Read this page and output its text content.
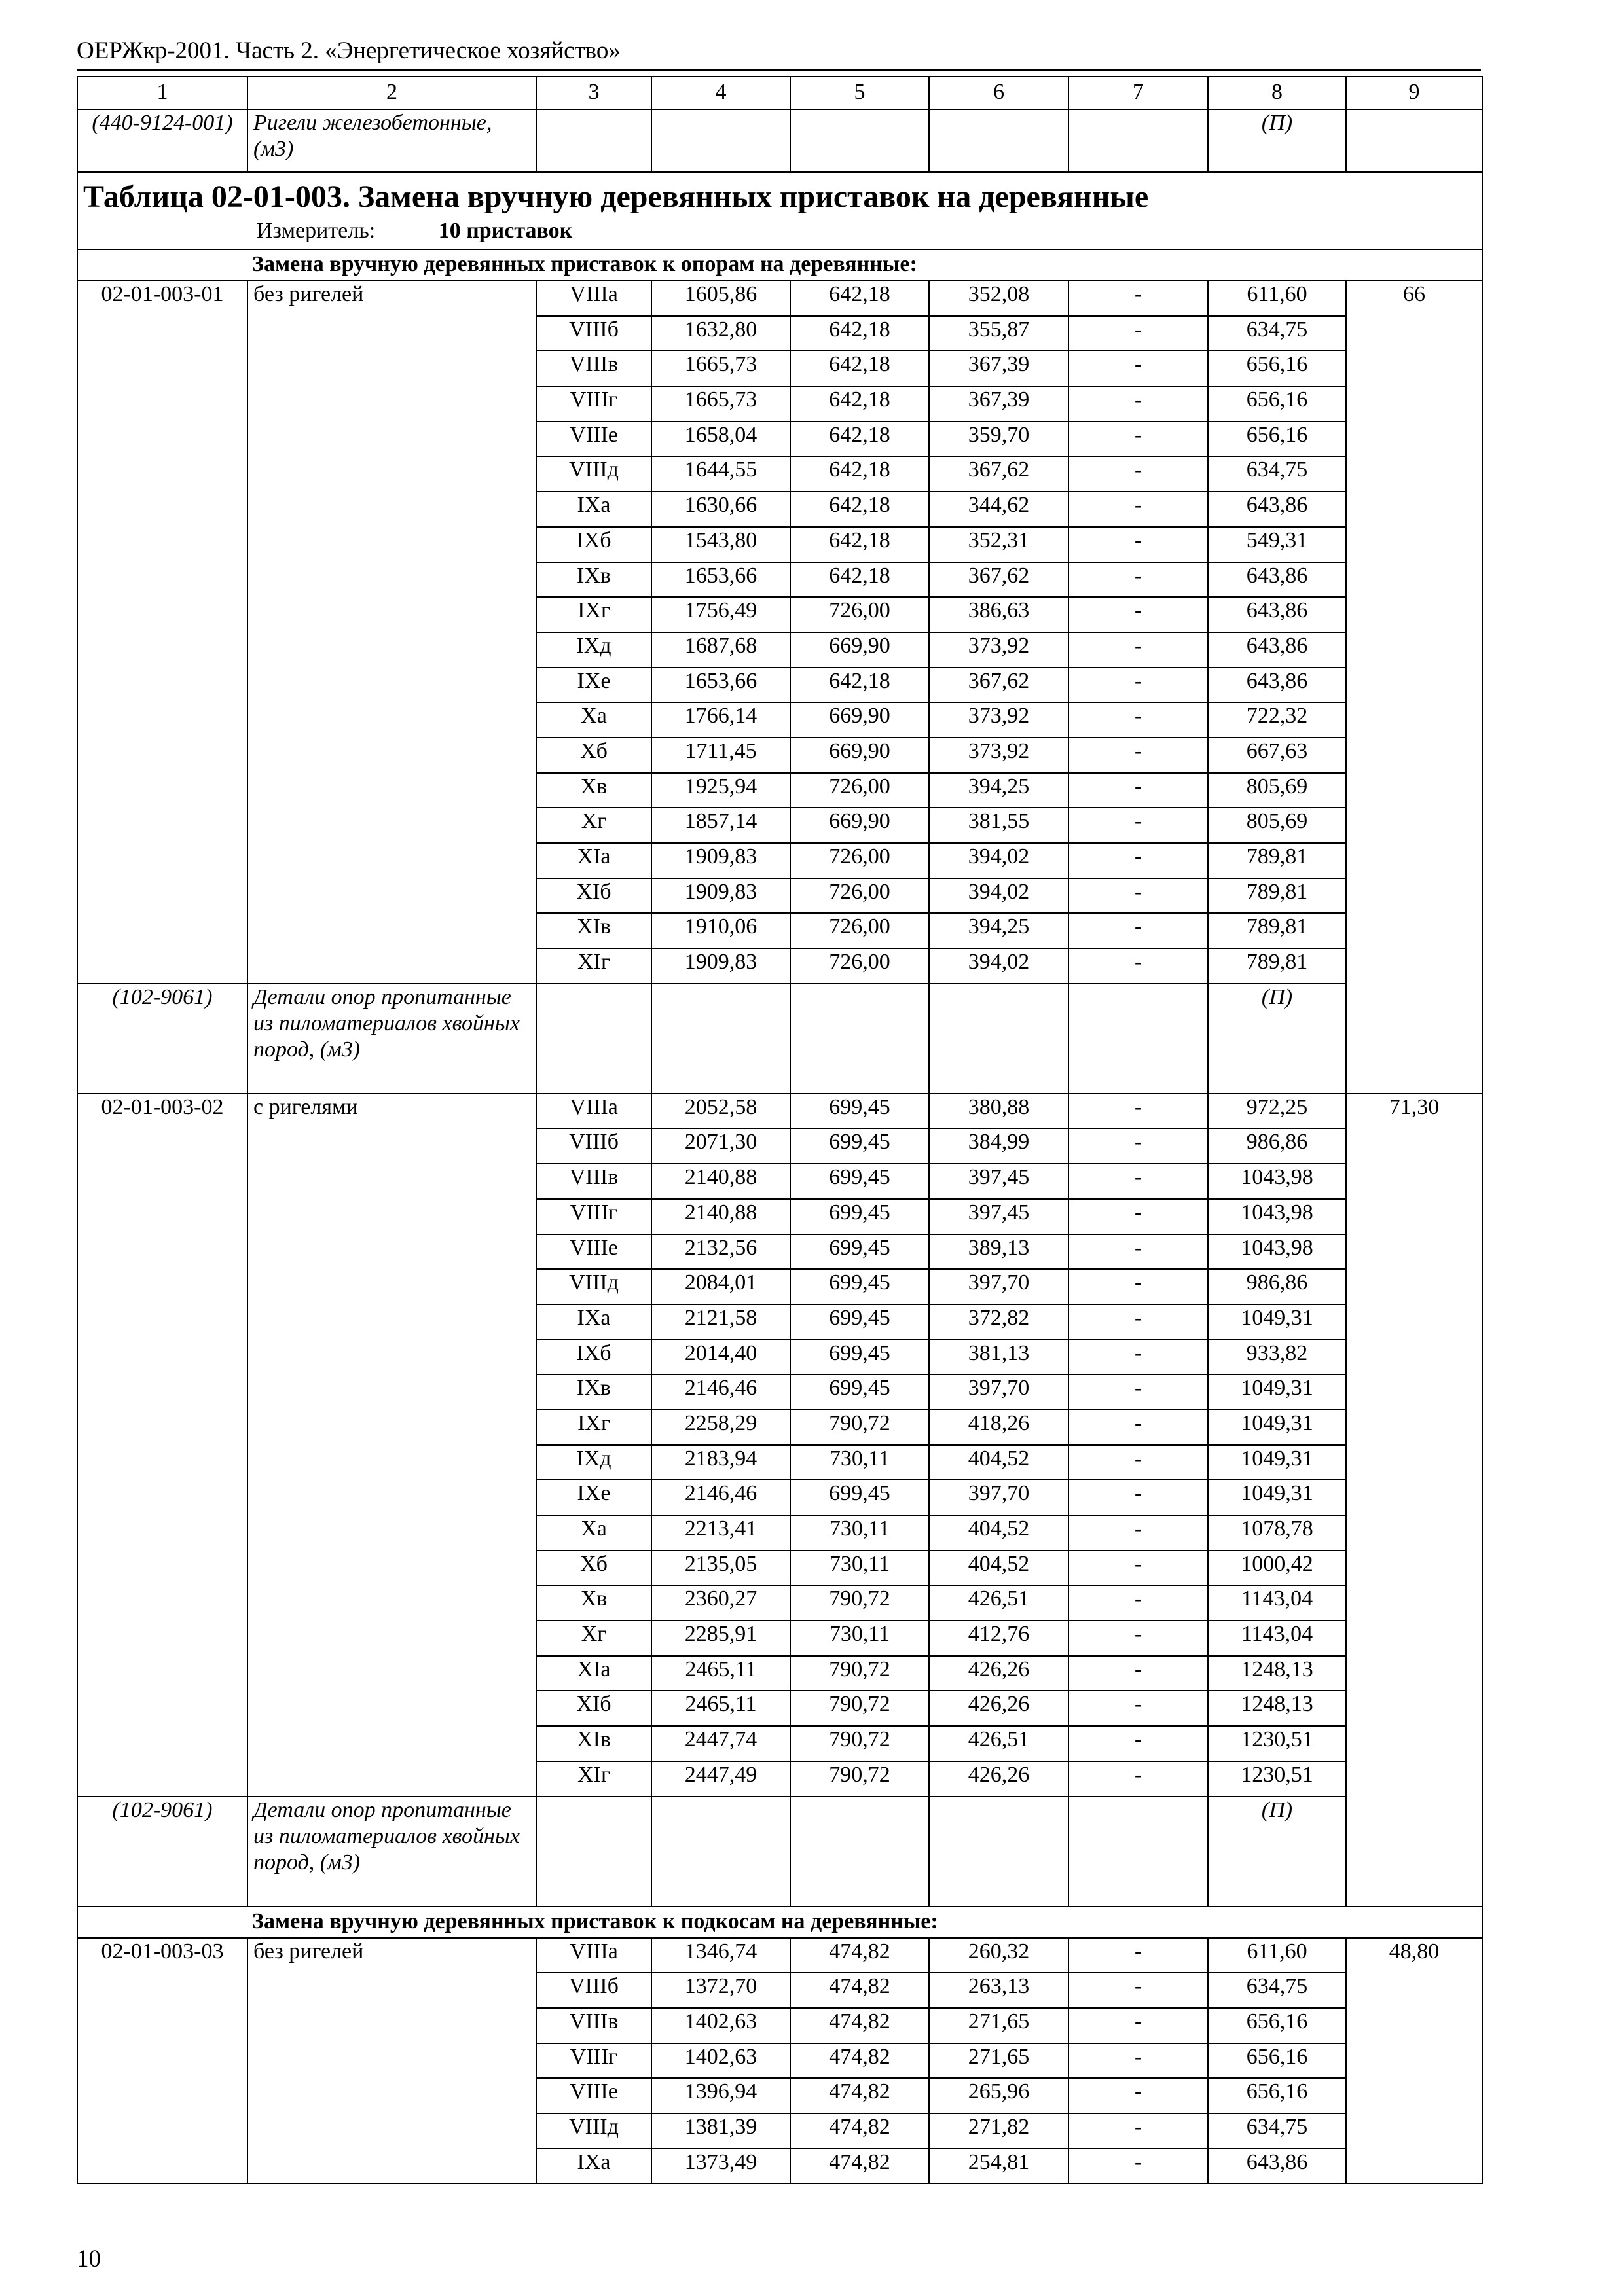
ОЕРЖкр-2001. Часть 2. «Энергетическое хозяйство»
1	2	3	4	5	6	7	8	9
(440-9124-001)	Ригели железобетонные, (м3)						(П)	

Таблица 02-01-003. Замена вручную деревянных приставок на деревянные
Измеритель: 10 приставок								

Замена вручную деревянных приставок к опорам на деревянные:								
02-01-003-01	без ригелей	VIIIa	1605,86	642,18	352,08	-	611,60	66
		VIIIб	1632,80	642,18	355,87	-	634,75	
		VIIIв	1665,73	642,18	367,39	-	656,16	
		VIIIг	1665,73	642,18	367,39	-	656,16	
		VIIIe	1658,04	642,18	359,70	-	656,16	
		VIIIд	1644,55	642,18	367,62	-	634,75	
		IXa	1630,66	642,18	344,62	-	643,86	
		IXб	1543,80	642,18	352,31	-	549,31	
		IXв	1653,66	642,18	367,62	-	643,86	
		IXг	1756,49	726,00	386,63	-	643,86	
		IXд	1687,68	669,90	373,92	-	643,86	
		IXe	1653,66	642,18	367,62	-	643,86	
		Xa	1766,14	669,90	373,92	-	722,32	
		Xб	1711,45	669,90	373,92	-	667,63	
		Xв	1925,94	726,00	394,25	-	805,69	
		Xг	1857,14	669,90	381,55	-	805,69	
		XIa	1909,83	726,00	394,02	-	789,81	
		XIб	1909,83	726,00	394,02	-	789,81	
		XIв	1910,06	726,00	394,25	-	789,81	
		XIг	1909,83	726,00	394,02	-	789,81	
(102-9061)	Детали опор пропитанные из пиломатериалов хвойных пород, (м3)						(П)	
02-01-003-02	с ригелями	VIIIa	2052,58	699,45	380,88	-	972,25	71,30
		VIIIб	2071,30	699,45	384,99	-	986,86	
		VIIIв	2140,88	699,45	397,45	-	1043,98	
		VIIIг	2140,88	699,45	397,45	-	1043,98	
		VIIIe	2132,56	699,45	389,13	-	1043,98	
		VIIIд	2084,01	699,45	397,70	-	986,86	
		IXa	2121,58	699,45	372,82	-	1049,31	
		IXб	2014,40	699,45	381,13	-	933,82	
		IXв	2146,46	699,45	397,70	-	1049,31	
		IXг	2258,29	790,72	418,26	-	1049,31	
		IXд	2183,94	730,11	404,52	-	1049,31	
		IXe	2146,46	699,45	397,70	-	1049,31	
		Xa	2213,41	730,11	404,52	-	1078,78	
		Xб	2135,05	730,11	404,52	-	1000,42	
		Xв	2360,27	790,72	426,51	-	1143,04	
		Xг	2285,91	730,11	412,76	-	1143,04	
		XIa	2465,11	790,72	426,26	-	1248,13	
		XIб	2465,11	790,72	426,26	-	1248,13	
		XIв	2447,74	790,72	426,51	-	1230,51	
		XIг	2447,49	790,72	426,26	-	1230,51	
(102-9061)	Детали опор пропитанные из пиломатериалов хвойных пород, (м3)						(П)	
Замена вручную деревянных приставок к подкосам на деревянные:								
02-01-003-03	без ригелей	VIIIa	1346,74	474,82	260,32	-	611,60	48,80
		VIIIб	1372,70	474,82	263,13	-	634,75	
		VIIIв	1402,63	474,82	271,65	-	656,16	
		VIIIг	1402,63	474,82	271,65	-	656,16	
		VIIIe	1396,94	474,82	265,96	-	656,16	
		VIIIд	1381,39	474,82	271,82	-	634,75	
		IXa	1373,49	474,82	254,81	-	643,86	
10
